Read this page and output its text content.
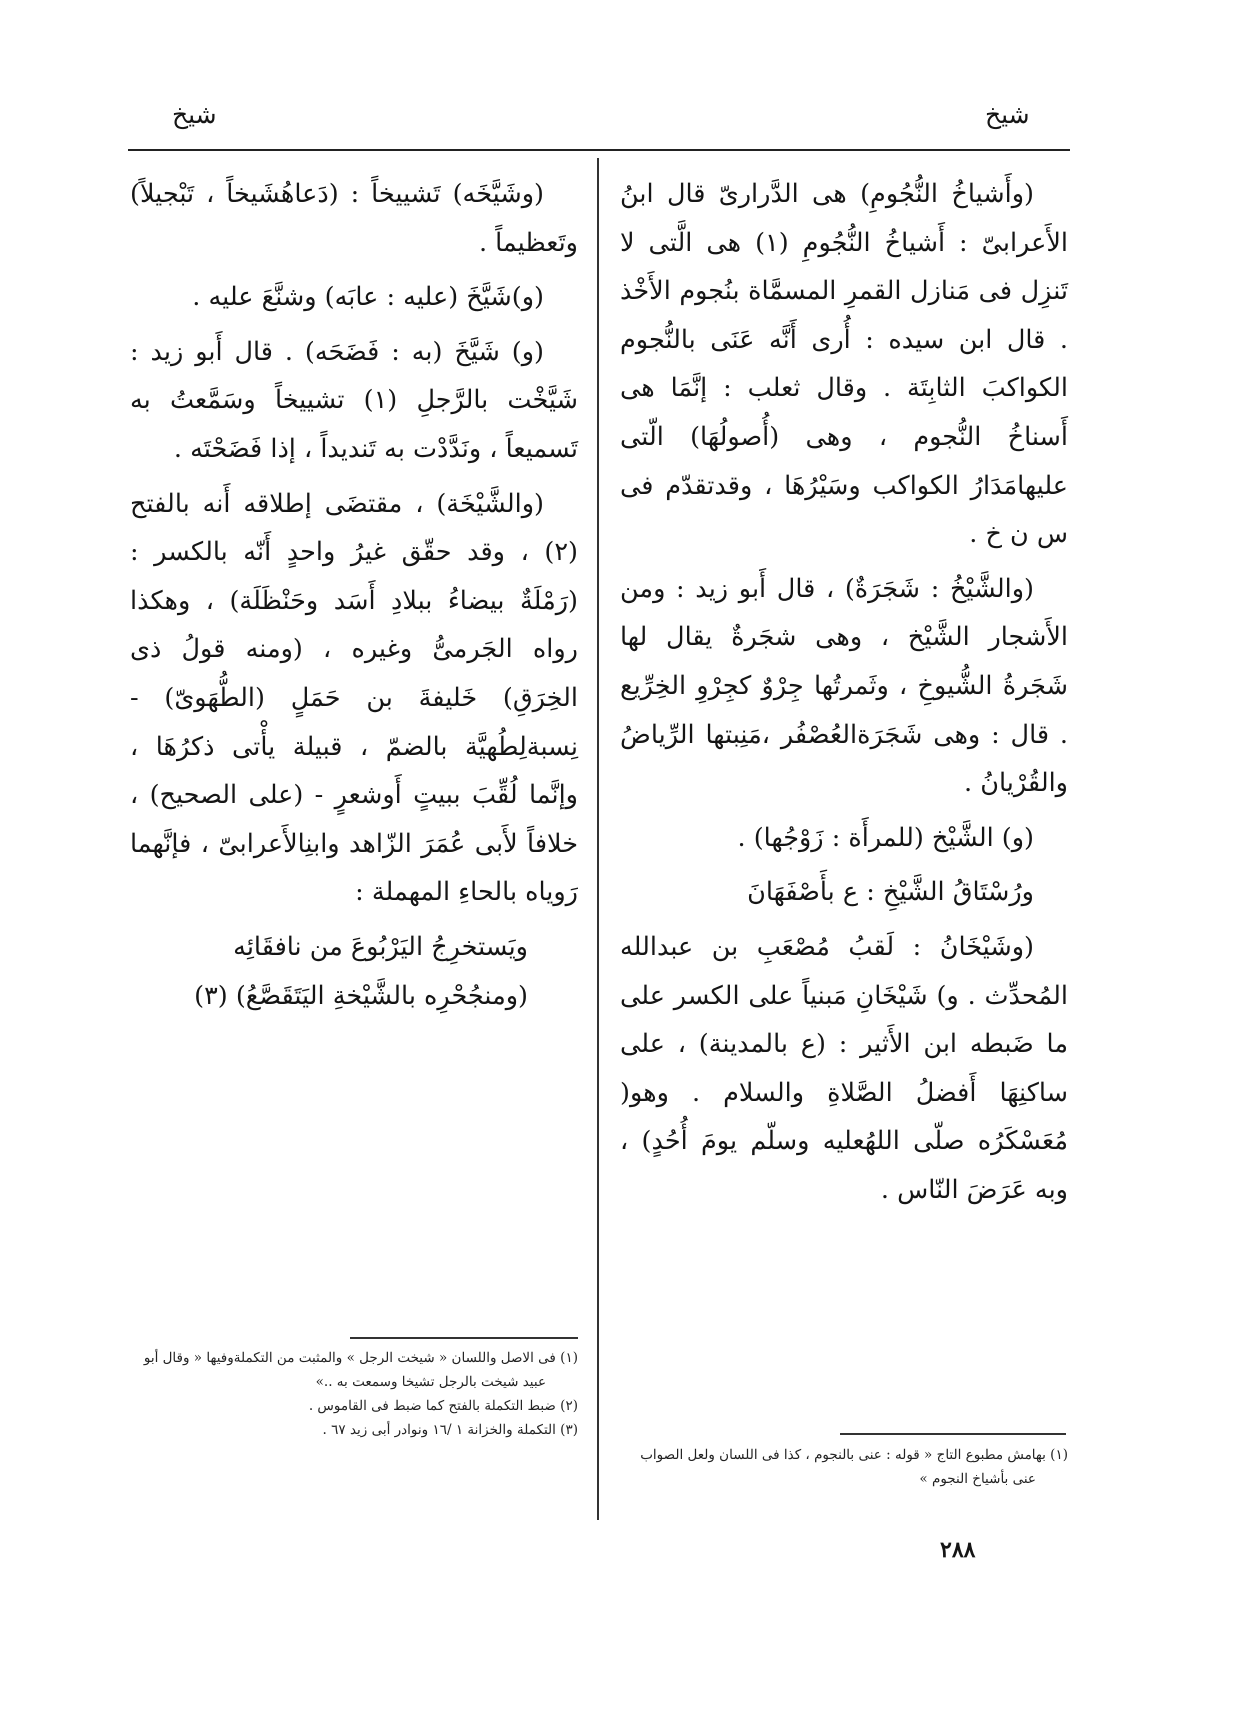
شيخ
شيخ

(وأَشياخُ النُّجُومِ) هى الدَّرارىّ قال ابنُ الأَعرابىّ : أَشياخُ النُّجُومِ (١) هى الَّتى لا تَنزِل فى مَنازل القمرِ المسمَّاة بنُجوم الأَخْذ . قال ابن سيده : أُرى أَنَّه عَنَى بالنُّجوم الكواكبَ الثابِتَة . وقال ثعلب : إنَّمَا هى أَسناخُ النُّجوم ، وهى (أُصولُهَا) الّتى عليهامَدَارُ الكواكب وسَيْرُهَا ، وقدتقدّم فى س ن خ .

(والشَّيْخُ : شَجَرَةٌ) ، قال أَبو زيد : ومن الأَشجار الشَّيْخ ، وهى شجَرةٌ يقال لها شَجَرةُ الشُّيوخِ ، وثَمرتُها جِرْوٌ كجِرْوِ الخِرِّيع . قال : وهى شَجَرَةالعُصْفُر ،مَنِبتها الرِّياضُ والقُرْيانُ .

(و) الشَّيْخ (للمرأَة : زَوْجُها) .

ورُسْتَاقُ الشَّيْخِ : ع بأَصْفَهَانَ

(وشَيْخَانُ : لَقبُ مُصْعَبِ بن عبدالله المُحدِّث . و) شَيْخَانِ مَبنياً على الكسر على ما ضَبطه ابن الأَثير : (ع بالمدينة) ، على ساكنِهَا أَفضلُ الصَّلاةِ والسلام . وهو( مُعَسْكَرُه صلّى اللهُعليه وسلّم يومَ أُحُدٍ) ، وبه عَرَضَ النّاس .

(وشَيَّخَه) تَشييخاً : (دَعاهُشَيخاً ، تَبْجيلاً) وتَعظيماً .

(و)شَيَّخَ (عليه : عابَه) وشنَّعَ عليه .

(و) شَيَّخَ (به : فَضَحَه) . قال أَبو زيد : شَيَّخْت بالرَّجلِ (١) تشييخاً وسَمَّعتُ به تَسميعاً ، ونَدَّدْت به تَنديداً ، إذا فَضَحْتَه .

(والشَّيْخَة) ، مقتضَى إطلاقه أَنه بالفتح (٢) ، وقد حقّق غيرُ واحدٍ أَنّه بالكسر : (رَمْلَةٌ بيضاءُ ببلادِ أَسَد وحَنْظَلَة) ، وهكذا رواه الجَرمىُّ وغيره ، (ومنه قولُ ذى الخِرَقِ) خَليفةَ بن حَمَلٍ (الطُّهَوىّ) - نِسبةلِطُهيَّة بالضمّ ، قبيلة يأْتى ذكرُهَا ، وإنَّما لُقِّبَ ببيتٍ أَوشعرٍ - (على الصحيح) ، خلافاً لأَبى عُمَرَ الزّاهد وابنِالأَعرابىّ ، فإنَّهما رَوياه بالحاءِ المهملة :

ويَستخرِجُ اليَرْبُوعَ من نافقَائِه
(ومنجُحْرِه بالشَّيْخةِ اليَتَقَصَّعُ) (٣)

(١) بهامش مطبوع التاج « قوله : عنى بالنجوم ، كذا فى اللسان ولعل الصواب عنى بأشياخ النجوم »

(١) فى الاصل واللسان « شيخت الرجل » والمثبت من التكملةوفيها « وقال أبو عبيد شيخت بالرجل تشيخا وسمعت به ..»

(٢) ضبط التكملة بالفتح كما ضبط فى القاموس .

(٣) التكملة والخزانة ١ /١٦ ونوادر أبى زيد ٦٧ .

٢٨٨
